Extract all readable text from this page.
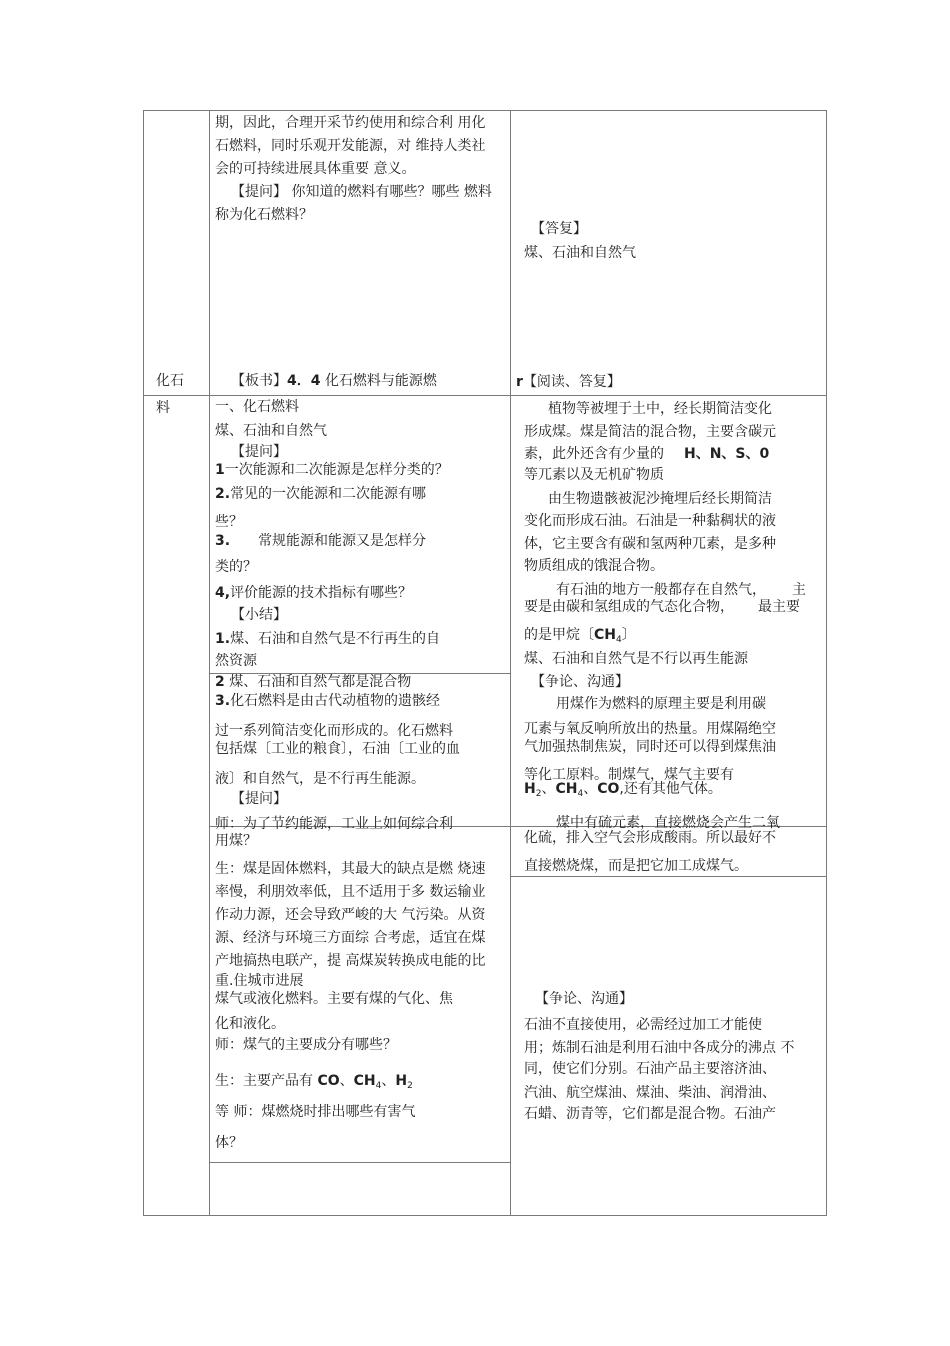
化石
料
期，因此，合理开采节约使用和综合利 用化
石燃料，同时乐观开发能源，对 维持人类社
会的可持续进展具体重要 意义。
【提问】 你知道的燃料有哪些？哪些 燃料
称为化石燃料？
【板书】4．4 化石燃料与能源燃
一、化石燃料
煤、石油和自然气
【提问】
1一次能源和二次能源是怎样分类的？
2.常见的一次能源和二次能源有哪
些？
3. 常规能源和能源又是怎样分
类的？
4,评价能源的技术指标有哪些？
【小结】
1.煤、石油和自然气是不行再生的自
然资源
2 煤、石油和自然气都是混合物
3.化石燃料是由古代动植物的遗骸经
过一系列简洁变化而形成的。化石燃料
包括煤〔工业的粮食〕，石油〔工业的血
液〕和自然气，是不行再生能源。
【提问】
师：为了节约能源，工业上如何综合利
用煤？
生：煤是固体燃料，其最大的缺点是燃 烧速
率慢，利朋效率低，且不适用于多 数运输业
作动力源，还会导致严峻的大 气污染。从资
源、经济与环境三方面综 合考虑，适宜在煤
产地搞热电联产，提 高煤炭转换成电能的比
重.住城市进展
煤气或液化燃料。主要有煤的气化、焦
化和液化。
师：煤气的主要成分有哪些？
生：主要产品有 CO、$CH_4$、$H_2$
等 师：煤燃烧时排出哪些有害气
体？
【答复】
煤、石油和自然气
r【阅读、答复】
植物等被埋于土中，经长期简洁变化
形成煤。煤是简洁的混合物，主要含碳元
素，此外还含有少量的 H、N、S、0
等兀素以及无机矿物质
由生物遗骸被泥沙掩埋后经长期简洁
变化而形成石油。石油是一种黏稠状的液
体，它主要含有碳和氢两种兀素，是多种
物质组成的饿混合物。
有石油的地方一般都存在自然气， 主
要是由碳和氢组成的气态化合物， 最主要
的是甲烷〔$CH_4$〕
煤、石油和自然气是不行以再生能源
【争论、沟通】
用煤作为燃料的原理主要是利用碳
兀素与氧反响所放出的热量。用煤隔绝空
气加强热制焦炭，同时还可以得到煤焦油
等化工原料。制煤气，煤气主要有
$H_2$、$CH_4$、CO,还有其他气体。
煤中有硫元素，直接燃烧会产生二氧
化硫，排入空气会形成酸雨。所以最好不
直接燃烧煤，而是把它加工成煤气。
【争论、沟通】
石油不直接使用，必需经过加工才能使
用；炼制石油是利用石油中各成分的沸点 不
同，使它们分别。石油产品主要溶济油、
汽油、航空煤油、煤油、柴油、润滑油、
石蜡、沥青等，它们都是混合物。石油产
